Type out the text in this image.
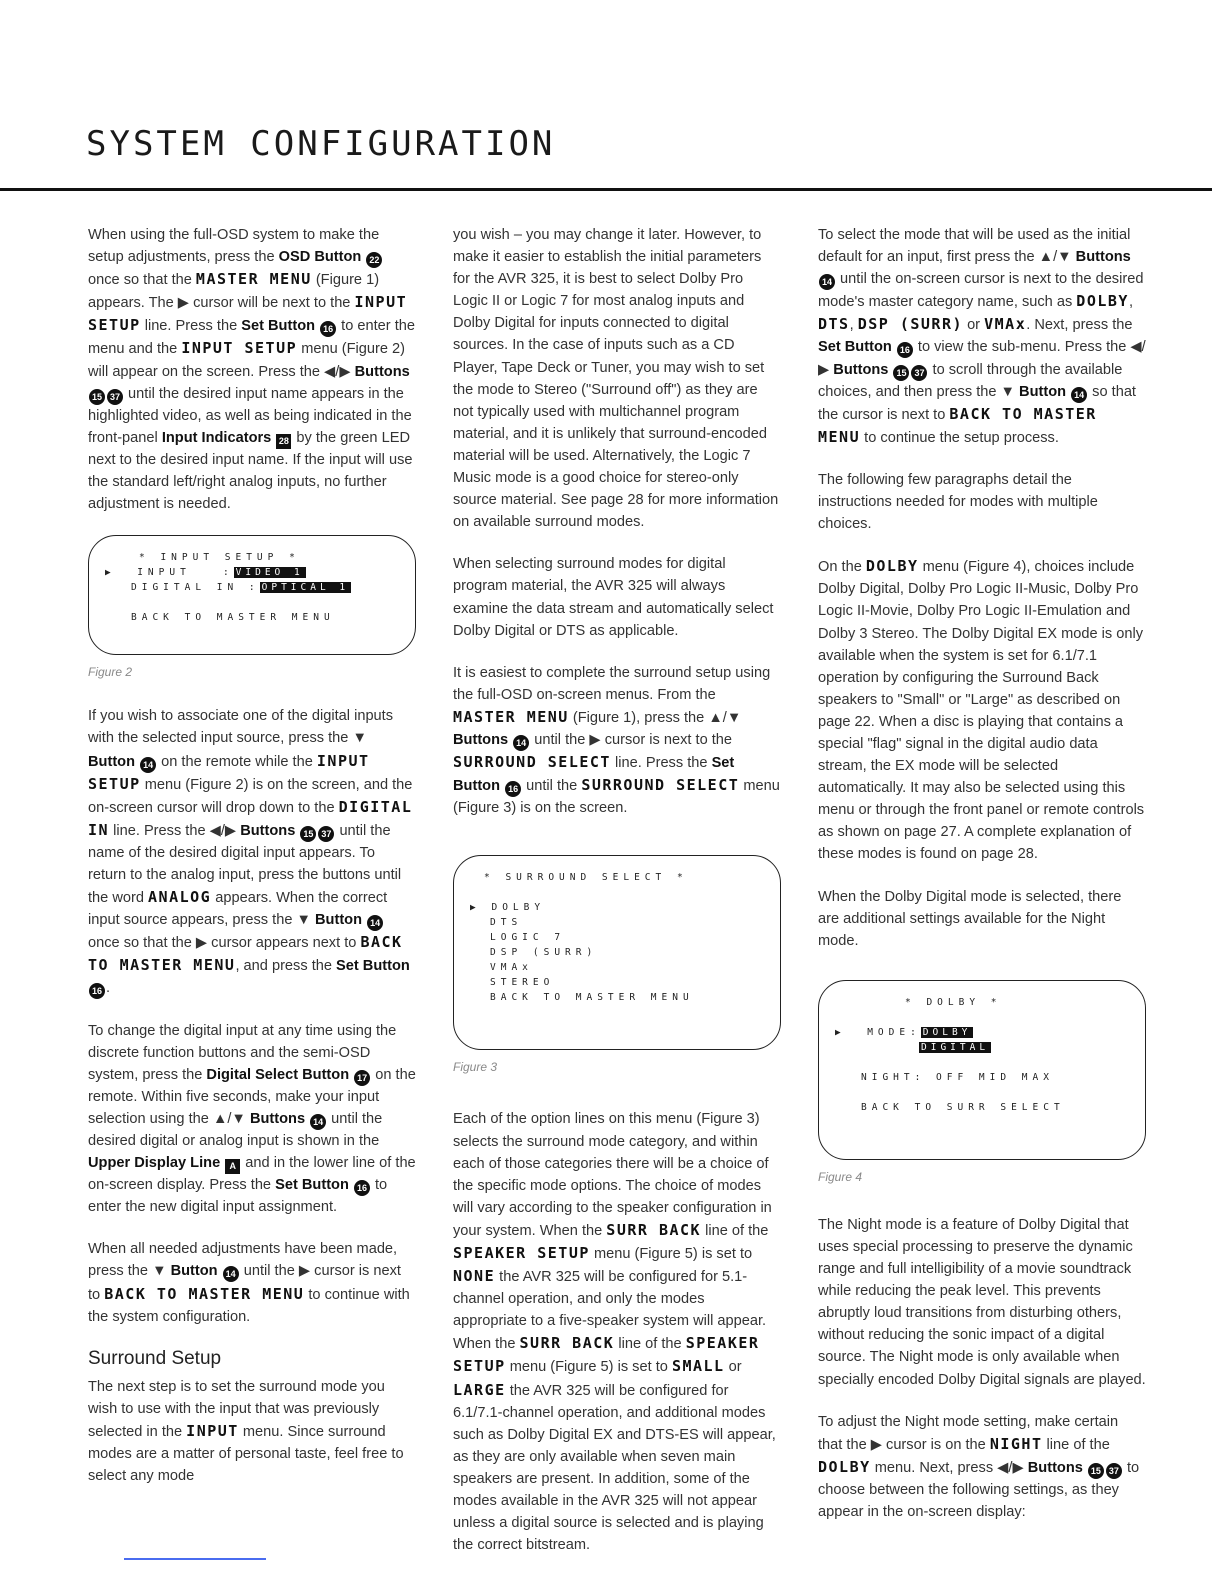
SYSTEM CONFIGURATION

When using the full-OSD system to make the setup adjustments, press the OSD Button 22 once so that the MASTER MENU (Figure 1) appears. The ▶ cursor will be next to the INPUT SETUP line. Press the Set Button 16 to enter the menu and the INPUT SETUP menu (Figure 2) will appear on the screen. Press the ◀/▶ Buttons 15 37 until the desired input name appears in the highlighted video, as well as being indicated in the front-panel Input Indicators 28 by the green LED next to the desired input name. If the input will use the standard left/right analog inputs, no further adjustment is needed.

* INPUT SETUP *
▶ INPUT   : VIDEO 1
DIGITAL IN : OPTICAL 1

BACK TO MASTER MENU

Figure 2

If you wish to associate one of the digital inputs with the selected input source, press the ▼ Button 14 on the remote while the INPUT SETUP menu (Figure 2) is on the screen, and the on-screen cursor will drop down to the DIGITAL IN line. Press the ◀/▶ Buttons 15 37 until the name of the desired digital input appears. To return to the analog input, press the buttons until the word ANALOG appears. When the correct input source appears, press the ▼ Button 14 once so that the ▶ cursor appears next to BACK TO MASTER MENU, and press the Set Button 16 .

To change the digital input at any time using the discrete function buttons and the semi-OSD system, press the Digital Select Button 17 on the remote. Within five seconds, make your input selection using the ▲/▼ Buttons 14 until the desired digital or analog input is shown in the Upper Display Line A and in the lower line of the on-screen display. Press the Set Button 16 to enter the new digital input assignment.

When all needed adjustments have been made, press the ▼ Button 14 until the ▶ cursor is next to BACK TO MASTER MENU to continue with the system configuration.

Surround Setup

The next step is to set the surround mode you wish to use with the input that was previously selected in the INPUT menu. Since surround modes are a matter of personal taste, feel free to select any mode

you wish – you may change it later. However, to make it easier to establish the initial parameters for the AVR 325, it is best to select Dolby Pro Logic II or Logic 7 for most analog inputs and Dolby Digital for inputs connected to digital sources. In the case of inputs such as a CD Player, Tape Deck or Tuner, you may wish to set the mode to Stereo ("Surround off") as they are not typically used with multichannel program material, and it is unlikely that surround-encoded material will be used. Alternatively, the Logic 7 Music mode is a good choice for stereo-only source material. See page 28 for more information on available surround modes.

When selecting surround modes for digital program material, the AVR 325 will always examine the data stream and automatically select Dolby Digital or DTS as applicable.

It is easiest to complete the surround setup using the full-OSD on-screen menus. From the MASTER MENU (Figure 1), press the ▲/▼ Buttons 14 until the ▶ cursor is next to the SURROUND SELECT line. Press the Set Button 16 until the SURROUND SELECT menu (Figure 3) is on the screen.

* SURROUND SELECT *

▶ DOLBY
DTS
LOGIC 7
DSP (SURR)
VMAx
STEREO
BACK TO MASTER MENU

Figure 3

Each of the option lines on this menu (Figure 3) selects the surround mode category, and within each of those categories there will be a choice of the specific mode options. The choice of modes will vary according to the speaker configuration in your system. When the SURR BACK line of the SPEAKER SETUP menu (Figure 5) is set to NONE the AVR 325 will be configured for 5.1-channel operation, and only the modes appropriate to a five-speaker system will appear. When the SURR BACK line of the SPEAKER SETUP menu (Figure 5) is set to SMALL or LARGE the AVR 325 will be configured for 6.1/7.1-channel operation, and additional modes such as Dolby Digital EX and DTS-ES will appear, as they are only available when seven main speakers are present. In addition, some of the modes available in the AVR 325 will not appear unless a digital source is selected and is playing the correct bitstream.

To select the mode that will be used as the initial default for an input, first press the ▲/▼ Buttons 14 until the on-screen cursor is next to the desired mode's master category name, such as DOLBY, DTS, DSP (SURR) or VMAx. Next, press the Set Button 16 to view the sub-menu. Press the ◀/▶ Buttons 15 37 to scroll through the available choices, and then press the ▼ Button 14 so that the cursor is next to BACK TO MASTER MENU to continue the setup process.

The following few paragraphs detail the instructions needed for modes with multiple choices.

On the DOLBY menu (Figure 4), choices include Dolby Digital, Dolby Pro Logic II-Music, Dolby Pro Logic II-Movie, Dolby Pro Logic II-Emulation and Dolby 3 Stereo. The Dolby Digital EX mode is only available when the system is set for 6.1/7.1 operation by configuring the Surround Back speakers to "Small" or "Large" as described on page 22. When a disc is playing that contains a special "flag" signal in the digital audio data stream, the EX mode will be selected automatically. It may also be selected using this menu or through the front panel or remote controls as shown on page 27. A complete explanation of these modes is found on page 28.

When the Dolby Digital mode is selected, there are additional settings available for the Night mode.

* DOLBY *

▶ MODE: DOLBY
DIGITAL

NIGHT: OFF MID MAX

BACK TO SURR SELECT

Figure 4

The Night mode is a feature of Dolby Digital that uses special processing to preserve the dynamic range and full intelligibility of a movie soundtrack while reducing the peak level. This prevents abruptly loud transitions from disturbing others, without reducing the sonic impact of a digital source. The Night mode is only available when specially encoded Dolby Digital signals are played.

To adjust the Night mode setting, make certain that the ▶ cursor is on the NIGHT line of the DOLBY menu. Next, press ◀/▶ Buttons 15 37 to choose between the following settings, as they appear in the on-screen display:
